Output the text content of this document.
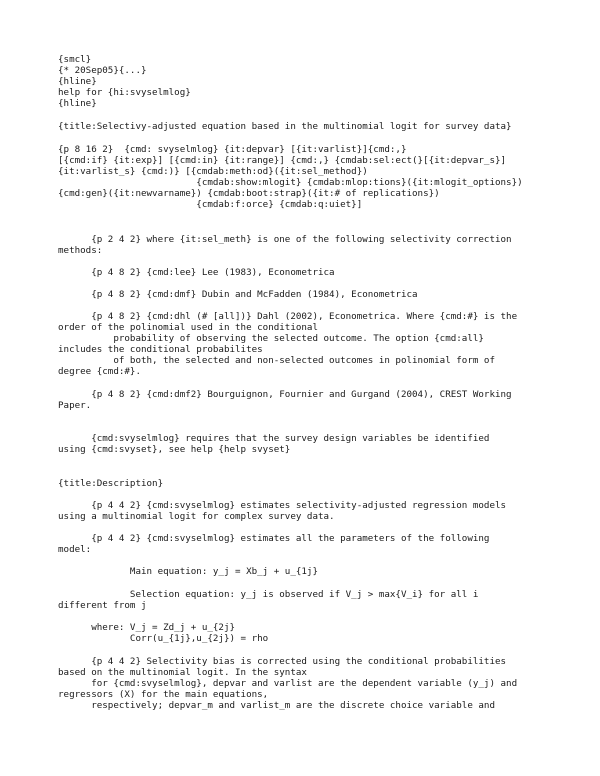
{smcl}

{* 20Sep05}{...}

{hline}

help for {hi:svyselmlog}

{hline}

{title:Selectivy-adjusted equation based in the multinomial logit for survey data}

{p 8 16 2}  {cmd: svyselmlog} {it:depvar} [{it:varlist}]{cmd:,}

[{cmd:if} {it:exp}] [{cmd:in} {it:range}] {cmd:,} {cmdab:sel:ect(}[{it:depvar_s}]

{it:varlist_s} {cmd:)} [{cmdab:meth:od}({it:sel_method})

{cmdab:show:mlogit} {cmdab:mlop:tions}({it:mlogit_options})

{cmd:gen}({it:newvarname}) {cmdab:boot:strap}({it:# of replications})

{cmdab:f:orce} {cmdab:q:uiet}]

{p 2 4 2} where {it:sel_meth} is one of the following selectivity correction

methods:

{p 4 8 2} {cmd:lee} Lee (1983), Econometrica

{p 4 8 2} {cmd:dmf} Dubin and McFadden (1984), Econometrica

{p 4 8 2} {cmd:dhl (# [all])} Dahl (2002), Econometrica. Where {cmd:#} is the

order of the polinomial used in the conditional

probability of observing the selected outcome. The option {cmd:all}

includes the conditional probabilites

of both, the selected and non-selected outcomes in polinomial form of

degree {cmd:#}.

{p 4 8 2} {cmd:dmf2} Bourguignon, Fournier and Gurgand (2004), CREST Working

Paper.

{cmd:svyselmlog} requires that the survey design variables be identified

using {cmd:svyset}, see help {help svyset}

{title:Description}

{p 4 4 2} {cmd:svyselmlog} estimates selectivity-adjusted regression models

using a multinomial logit for complex survey data.

{p 4 4 2} {cmd:svyselmlog} estimates all the parameters of the following

model:

Main equation: y_j = Xb_j + u_{1j}

Selection equation: y_j is observed if V_j > max{V_i} for all i

different from j

where: V_j = Zd_j + u_{2j}

Corr(u_{1j},u_{2j}) = rho

{p 4 4 2} Selectivity bias is corrected using the conditional probabilities

based on the multinomial logit. In the syntax

for {cmd:svyselmlog}, depvar and varlist are the dependent variable (y_j) and

regressors (X) for the main equations,

respectively; depvar_m and varlist_m are the discrete choice variable and
